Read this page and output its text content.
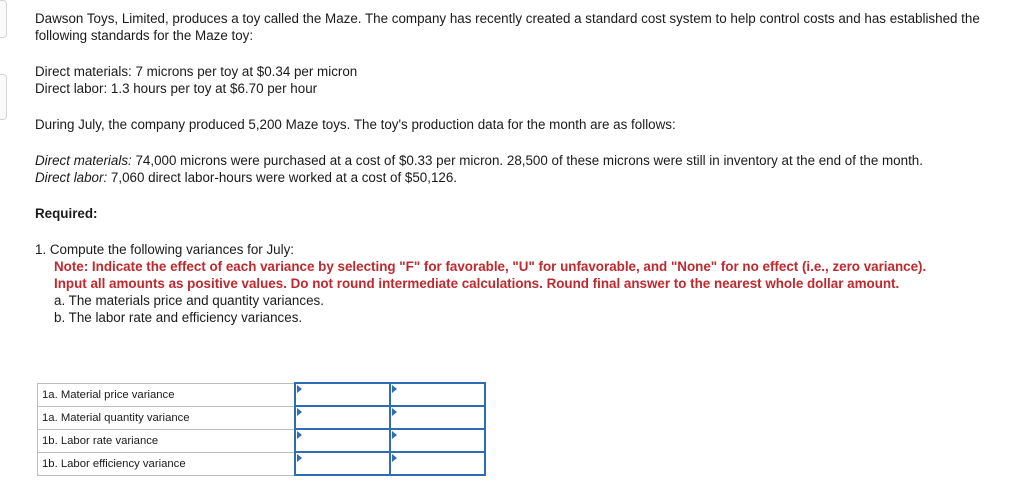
Dawson Toys, Limited, produces a toy called the Maze. The company has recently created a standard cost system to help control costs and has established the following standards for the Maze toy:

Direct materials: 7 microns per toy at $0.34 per micron

Direct labor: 1.3 hours per toy at $6.70 per hour

During July, the company produced 5,200 Maze toys. The toy's production data for the month are as follows:

Direct materials: 74,000 microns were purchased at a cost of $0.33 per micron. 28,500 of these microns were still in inventory at the end of the month.

Direct labor: 7,060 direct labor-hours were worked at a cost of $50,126.

Required:

1. Compute the following variances for July:

Note: Indicate the effect of each variance by selecting "F" for favorable, "U" for unfavorable, and "None" for no effect (i.e., zero variance). Input all amounts as positive values. Do not round intermediate calculations. Round final answer to the nearest whole dollar amount.

a. The materials price and quantity variances.

b. The labor rate and efficiency variances.

1a. Material price variance		
1a. Material quantity variance		
1b. Labor rate variance		
1b. Labor efficiency variance		
